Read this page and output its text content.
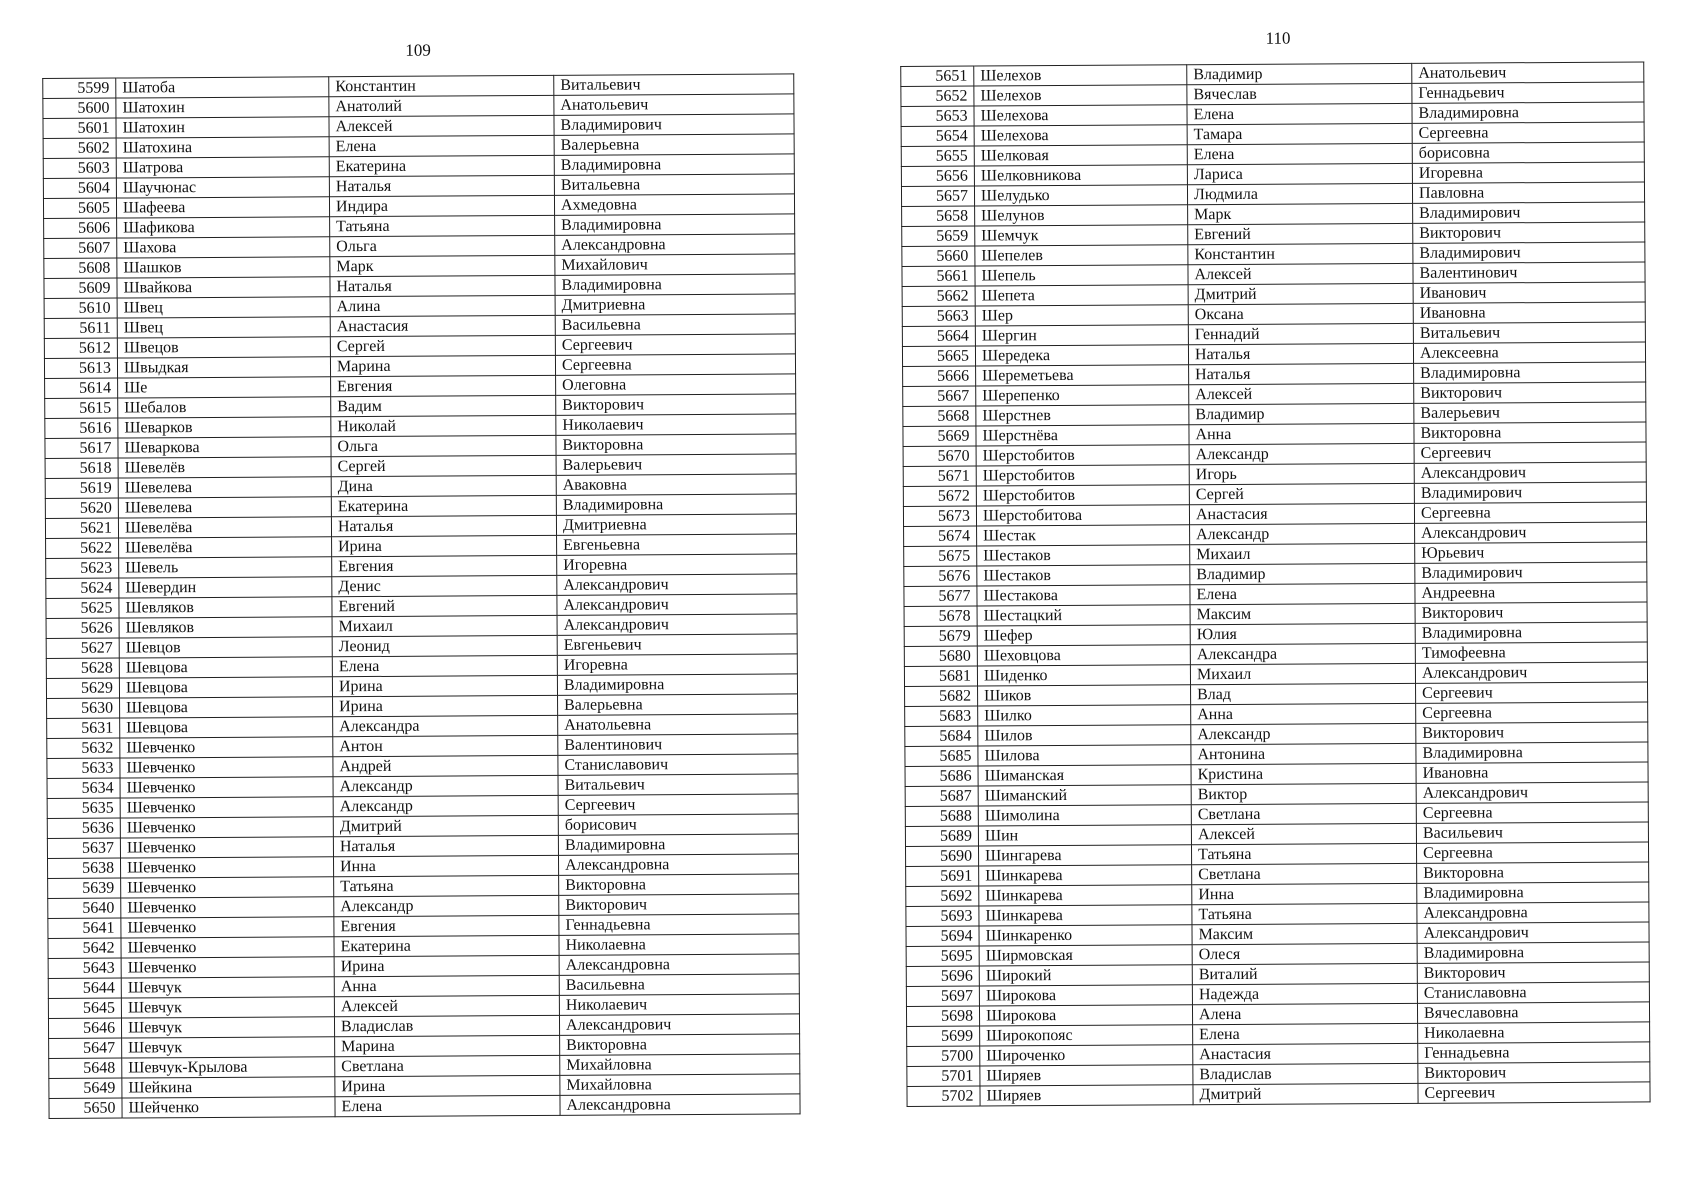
109
5599	Шатоба	Константин	Витальевич
5600	Шатохин	Анатолий	Анатольевич
5601	Шатохин	Алексей	Владимирович
5602	Шатохина	Елена	Валерьевна
5603	Шатрова	Екатерина	Владимировна
5604	Шаучюнас	Наталья	Витальевна
5605	Шафеева	Индира	Ахмедовна
5606	Шафикова	Татьяна	Владимировна
5607	Шахова	Ольга	Александровна
5608	Шашков	Марк	Михайлович
5609	Швайкова	Наталья	Владимировна
5610	Швец	Алина	Дмитриевна
5611	Швец	Анастасия	Васильевна
5612	Швецов	Сергей	Сергеевич
5613	Швыдкая	Марина	Сергеевна
5614	Ше	Евгения	Олеговна
5615	Шебалов	Вадим	Викторович
5616	Шеварков	Николай	Николаевич
5617	Шеваркова	Ольга	Викторовна
5618	Шевелёв	Сергей	Валерьевич
5619	Шевелева	Дина	Аваковна
5620	Шевелева	Екатерина	Владимировна
5621	Шевелёва	Наталья	Дмитриевна
5622	Шевелёва	Ирина	Евгеньевна
5623	Шевель	Евгения	Игоревна
5624	Шевердин	Денис	Александрович
5625	Шевляков	Евгений	Александрович
5626	Шевляков	Михаил	Александрович
5627	Шевцов	Леонид	Евгеньевич
5628	Шевцова	Елена	Игоревна
5629	Шевцова	Ирина	Владимировна
5630	Шевцова	Ирина	Валерьевна
5631	Шевцова	Александра	Анатольевна
5632	Шевченко	Антон	Валентинович
5633	Шевченко	Андрей	Станиславович
5634	Шевченко	Александр	Витальевич
5635	Шевченко	Александр	Сергеевич
5636	Шевченко	Дмитрий	борисович
5637	Шевченко	Наталья	Владимировна
5638	Шевченко	Инна	Александровна
5639	Шевченко	Татьяна	Викторовна
5640	Шевченко	Александр	Викторович
5641	Шевченко	Евгения	Геннадьевна
5642	Шевченко	Екатерина	Николаевна
5643	Шевченко	Ирина	Александровна
5644	Шевчук	Анна	Васильевна
5645	Шевчук	Алексей	Николаевич
5646	Шевчук	Владислав	Александрович
5647	Шевчук	Марина	Викторовна
5648	Шевчук-Крылова	Светлана	Михайловна
5649	Шейкина	Ирина	Михайловна
5650	Шейченко	Елена	Александровна
110
5651	Шелехов	Владимир	Анатольевич
5652	Шелехов	Вячеслав	Геннадьевич
5653	Шелехова	Елена	Владимировна
5654	Шелехова	Тамара	Сергеевна
5655	Шелковая	Елена	борисовна
5656	Шелковникова	Лариса	Игоревна
5657	Шелудько	Людмила	Павловна
5658	Шелунов	Марк	Владимирович
5659	Шемчук	Евгений	Викторович
5660	Шепелев	Константин	Владимирович
5661	Шепель	Алексей	Валентинович
5662	Шепета	Дмитрий	Иванович
5663	Шер	Оксана	Ивановна
5664	Шергин	Геннадий	Витальевич
5665	Шередека	Наталья	Алексеевна
5666	Шереметьева	Наталья	Владимировна
5667	Шерепенко	Алексей	Викторович
5668	Шерстнев	Владимир	Валерьевич
5669	Шерстнёва	Анна	Викторовна
5670	Шерстобитов	Александр	Сергеевич
5671	Шерстобитов	Игорь	Александрович
5672	Шерстобитов	Сергей	Владимирович
5673	Шерстобитова	Анастасия	Сергеевна
5674	Шестак	Александр	Александрович
5675	Шестаков	Михаил	Юрьевич
5676	Шестаков	Владимир	Владимирович
5677	Шестакова	Елена	Андреевна
5678	Шестацкий	Максим	Викторович
5679	Шефер	Юлия	Владимировна
5680	Шеховцова	Александра	Тимофеевна
5681	Шиденко	Михаил	Александрович
5682	Шиков	Влад	Сергеевич
5683	Шилко	Анна	Сергеевна
5684	Шилов	Александр	Викторович
5685	Шилова	Антонина	Владимировна
5686	Шиманская	Кристина	Ивановна
5687	Шиманский	Виктор	Александрович
5688	Шимолина	Светлана	Сергеевна
5689	Шин	Алексей	Васильевич
5690	Шингарева	Татьяна	Сергеевна
5691	Шинкарева	Светлана	Викторовна
5692	Шинкарева	Инна	Владимировна
5693	Шинкарева	Татьяна	Александровна
5694	Шинкаренко	Максим	Александрович
5695	Ширмовская	Олеся	Владимировна
5696	Широкий	Виталий	Викторович
5697	Широкова	Надежда	Станиславовна
5698	Широкова	Алена	Вячеславовна
5699	Широкопояс	Елена	Николаевна
5700	Широченко	Анастасия	Геннадьевна
5701	Ширяев	Владислав	Викторович
5702	Ширяев	Дмитрий	Сергеевич
